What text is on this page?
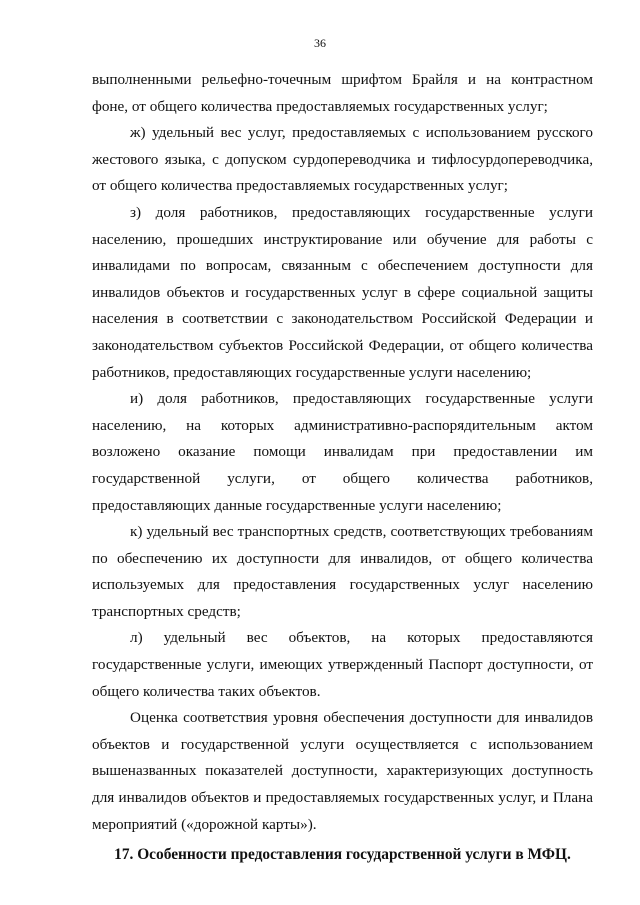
36

выполненными рельефно-точечным шрифтом Брайля и на контрастном фоне, от общего количества предоставляемых государственных услуг;

ж) удельный вес услуг, предоставляемых с использованием русского жестового языка, с допуском сурдопереводчика и тифлосурдопереводчика, от общего количества предоставляемых государственных услуг;

з) доля работников, предоставляющих государственные услуги населению, прошедших инструктирование или обучение для работы с инвалидами по вопросам, связанным с обеспечением доступности для инвалидов объектов и государственных услуг в сфере социальной защиты населения в соответствии с законодательством Российской Федерации и законодательством субъектов Российской Федерации, от общего количества работников, предоставляющих государственные услуги населению;

и) доля работников, предоставляющих государственные услуги населению, на которых административно-распорядительным актом возложено оказание помощи инвалидам при предоставлении им государственной услуги, от общего количества работников, предоставляющих данные государственные услуги населению;

к) удельный вес транспортных средств, соответствующих требованиям по обеспечению их доступности для инвалидов, от общего количества используемых для предоставления государственных услуг населению транспортных средств;

л) удельный вес объектов, на которых предоставляются государственные услуги, имеющих утвержденный Паспорт доступности, от общего количества таких объектов.

Оценка соответствия уровня обеспечения доступности для инвалидов объектов и государственной услуги осуществляется с использованием вышеназванных показателей доступности, характеризующих доступность для инвалидов объектов и предоставляемых государственных услуг, и Плана мероприятий («дорожной карты»).

17. Особенности предоставления государственной услуги в МФЦ.
